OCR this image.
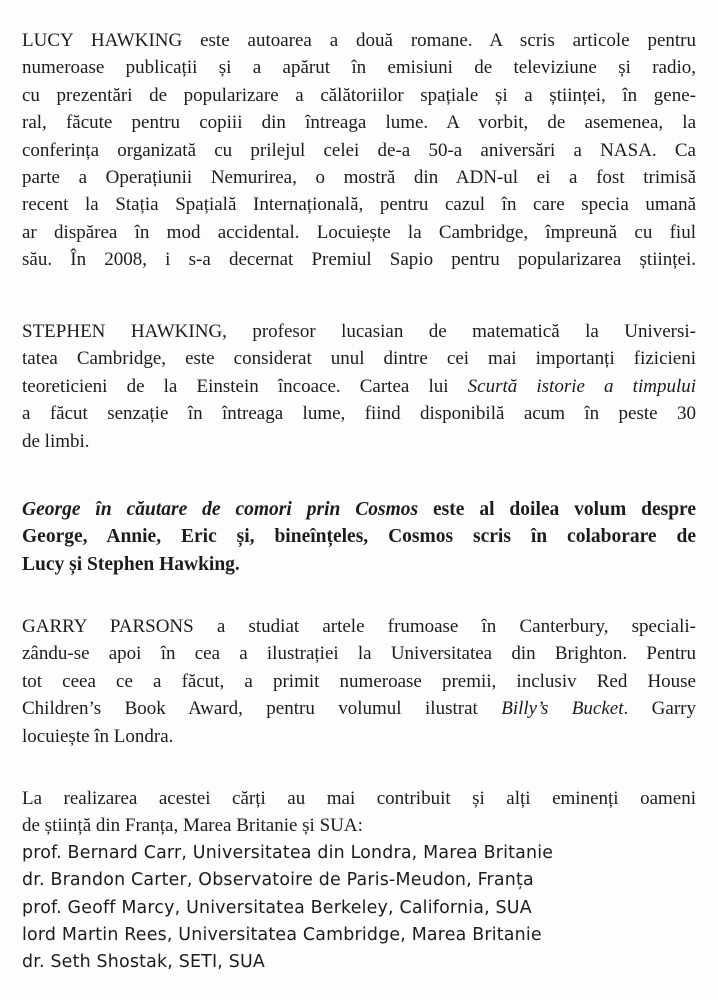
LUCY HAWKING este autoarea a două romane. A scris articole pentru
numeroase publicații și a apărut în emisiuni de televiziune și radio,
cu prezentări de popularizare a călătoriilor spațiale și a științei, în gene-
ral, făcute pentru copiii din întreaga lume. A vorbit, de asemenea, la
conferința organizată cu prilejul celei de-a 50-a aniversări a NASA. Ca
parte a Operațiunii Nemurirea, o mostră din ADN-ul ei a fost trimisă
recent la Stația Spațială Internațională, pentru cazul în care specia umană
ar dispărea în mod accidental. Locuiește la Cambridge, împreună cu fiul
său. În 2008, i s-a decernat Premiul Sapio pentru popularizarea științei.
STEPHEN HAWKING, profesor lucasian de matematică la Universi-
tatea Cambridge, este considerat unul dintre cei mai importanți fizicieni
teoreticieni de la Einstein încoace. Cartea lui Scurtă istorie a timpului
a făcut senzație în întreaga lume, fiind disponibilă acum în peste 30
de limbi.
George în căutare de comori prin Cosmos este al doilea volum despre
George, Annie, Eric și, bineînțeles, Cosmos scris în colaborare de
Lucy și Stephen Hawking.
GARRY PARSONS a studiat artele frumoase în Canterbury, speciali-
zându-se apoi în cea a ilustrației la Universitatea din Brighton. Pentru
tot ceea ce a făcut, a primit numeroase premii, inclusiv Red House
Children’s Book Award, pentru volumul ilustrat Billy’s Bucket. Garry
locuiește în Londra.
La realizarea acestei cărți au mai contribuit și alți eminenți oameni
de știință din Franța, Marea Britanie și SUA:
prof. Bernard Carr, Universitatea din Londra, Marea Britanie
dr. Brandon Carter, Observatoire de Paris-Meudon, Franța
prof. Geoff Marcy, Universitatea Berkeley, California, SUA
lord Martin Rees, Universitatea Cambridge, Marea Britanie
dr. Seth Shostak, SETI, SUA
